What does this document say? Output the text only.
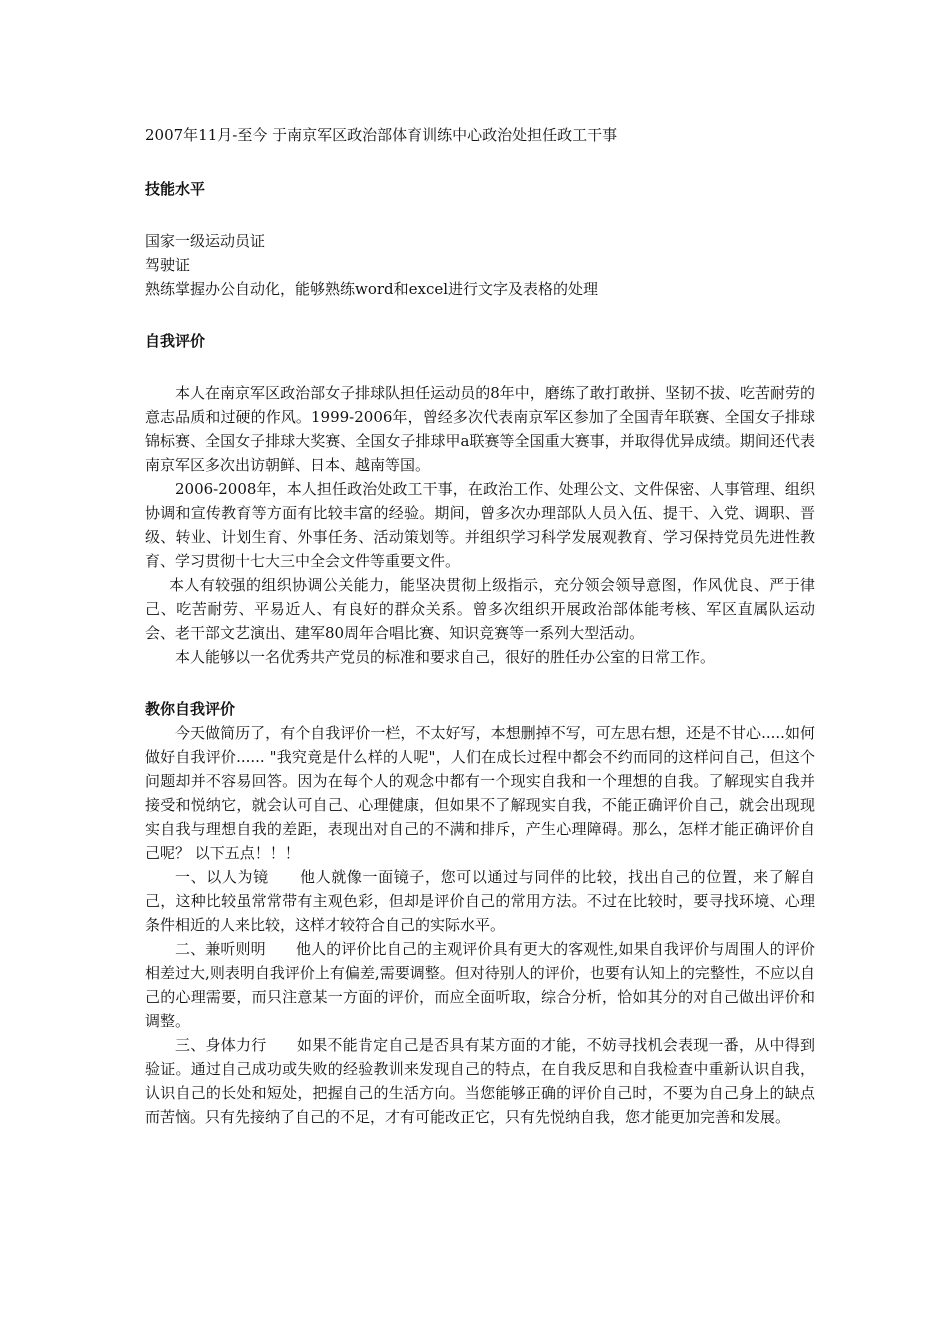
2007年11月-至今 于南京军区政治部体育训练中心政治处担任政工干事

技能水平

国家一级运动员证

驾驶证

熟练掌握办公自动化，能够熟练word和excel进行文字及表格的处理

自我评价

本人在南京军区政治部女子排球队担任运动员的8年中，磨练了敢打敢拼、坚韧不拔、吃苦耐劳的意志品质和过硬的作风。1999-2006年，曾经多次代表南京军区参加了全国青年联赛、全国女子排球锦标赛、全国女子排球大奖赛、全国女子排球甲a联赛等全国重大赛事，并取得优异成绩。期间还代表南京军区多次出访朝鲜、日本、越南等国。

2006-2008年，本人担任政治处政工干事，在政治工作、处理公文、文件保密、人事管理、组织协调和宣传教育等方面有比较丰富的经验。期间，曾多次办理部队人员入伍、提干、入党、调职、晋级、转业、计划生育、外事任务、活动策划等。并组织学习科学发展观教育、学习保持党员先进性教育、学习贯彻十七大三中全会文件等重要文件。

本人有较强的组织协调公关能力，能坚决贯彻上级指示，充分领会领导意图，作风优良、严于律己、吃苦耐劳、平易近人、有良好的群众关系。曾多次组织开展政治部体能考核、军区直属队运动会、老干部文艺演出、建军80周年合唱比赛、知识竞赛等一系列大型活动。

本人能够以一名优秀共产党员的标准和要求自己，很好的胜任办公室的日常工作。

教你自我评价

今天做简历了，有个自我评价一栏，不太好写，本想删掉不写，可左思右想，还是不甘心.....如何做好自我评价...... "我究竟是什么样的人呢"，人们在成长过程中都会不约而同的这样问自己，但这个问题却并不容易回答。因为在每个人的观念中都有一个现实自我和一个理想的自我。了解现实自我并接受和悦纳它，就会认可自己、心理健康，但如果不了解现实自我，不能正确评价自己，就会出现现实自我与理想自我的差距，表现出对自己的不满和排斥，产生心理障碍。那么，怎样才能正确评价自己呢？ 以下五点！！！

一、以人为镜　　他人就像一面镜子，您可以通过与同伴的比较，找出自己的位置，来了解自己，这种比较虽常常带有主观色彩，但却是评价自己的常用方法。不过在比较时，要寻找环境、心理条件相近的人来比较，这样才较符合自己的实际水平。

二、兼听则明　　他人的评价比自己的主观评价具有更大的客观性,如果自我评价与周围人的评价相差过大,则表明自我评价上有偏差,需要调整。但对待别人的评价，也要有认知上的完整性，不应以自己的心理需要，而只注意某一方面的评价，而应全面听取，综合分析，恰如其分的对自己做出评价和调整。

三、身体力行　　如果不能肯定自己是否具有某方面的才能，不妨寻找机会表现一番，从中得到验证。通过自己成功或失败的经验教训来发现自己的特点，在自我反思和自我检查中重新认识自我，认识自己的长处和短处，把握自己的生活方向。当您能够正确的评价自己时，不要为自己身上的缺点而苦恼。只有先接纳了自己的不足，才有可能改正它，只有先悦纳自我，您才能更加完善和发展。
